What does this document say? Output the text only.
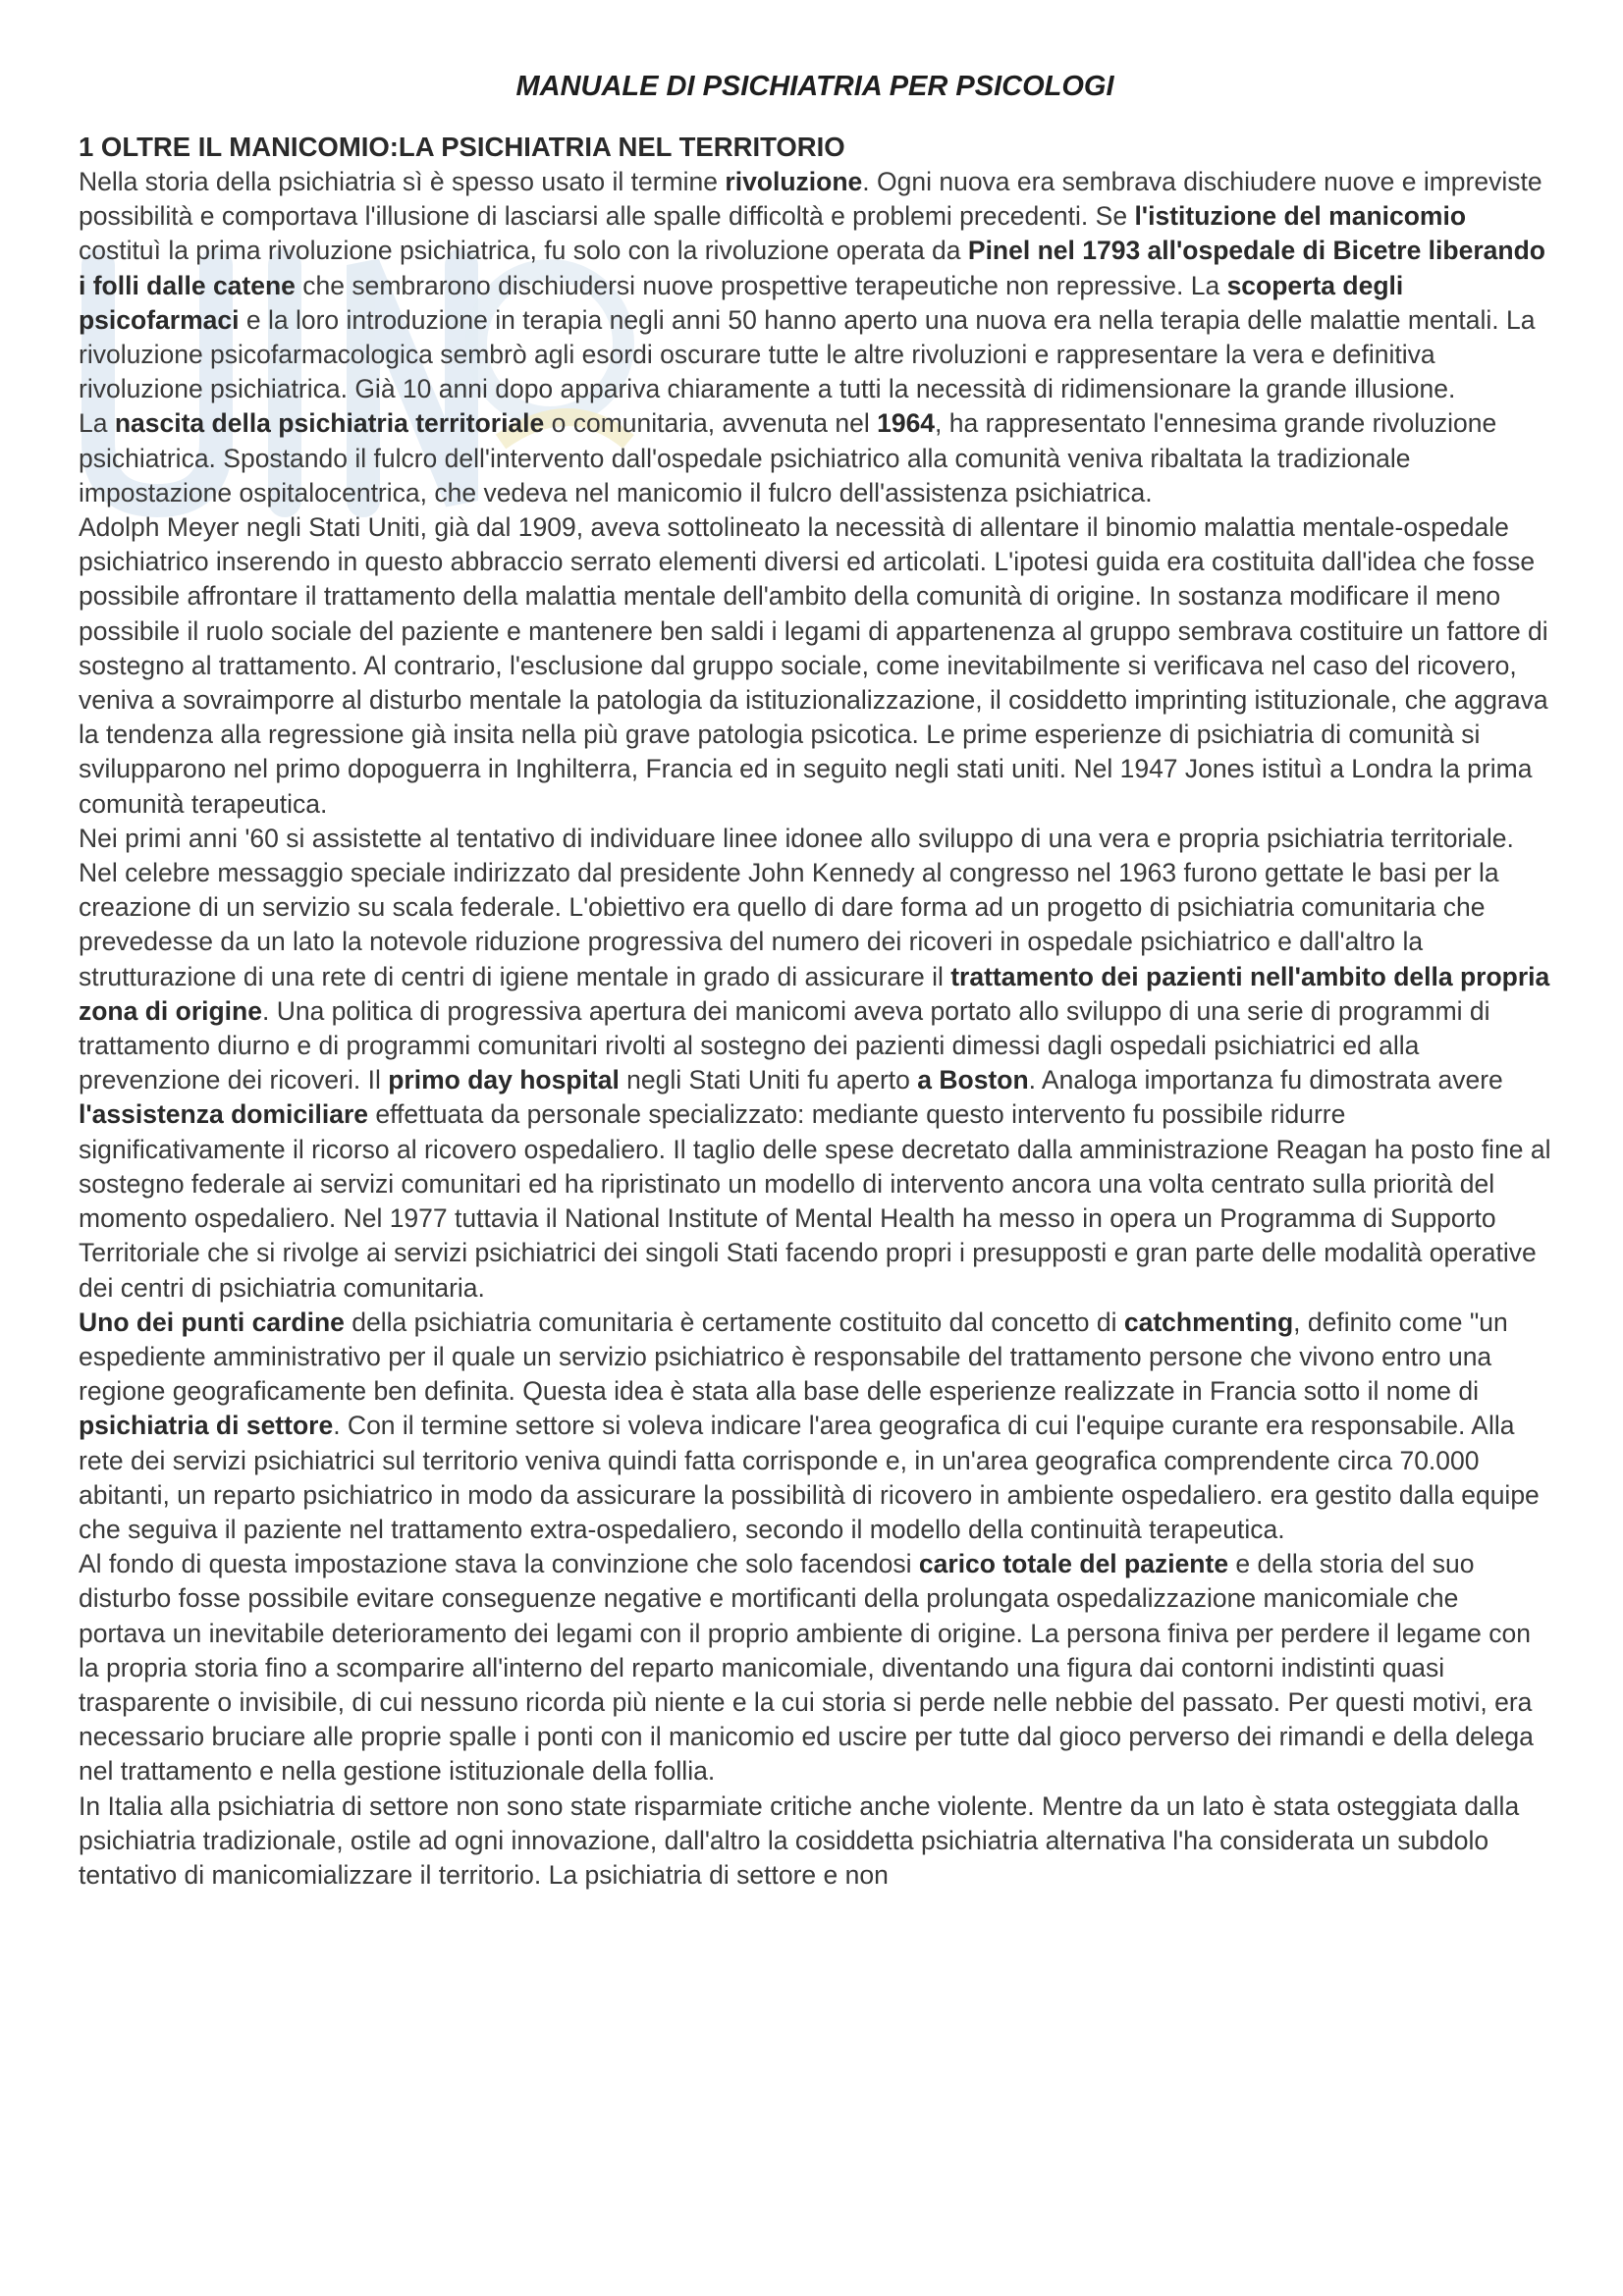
MANUALE DI PSICHIATRIA PER PSICOLOGI
1 OLTRE IL MANICOMIO:LA PSICHIATRIA NEL TERRITORIO

Nella storia della psichiatria sì è spesso usato il termine rivoluzione. Ogni nuova era sembrava dischiudere nuove e impreviste possibilità e comportava l'illusione di lasciarsi alle spalle difficoltà e problemi precedenti. Se l'istituzione del manicomio costituì la prima rivoluzione psichiatrica, fu solo con la rivoluzione operata da Pinel nel 1793 all'ospedale di Bicetre liberando i folli dalle catene che sembrarono dischiudersi nuove prospettive terapeutiche non repressive. La scoperta degli psicofarmaci e la loro introduzione in terapia negli anni 50 hanno aperto una nuova era nella terapia delle malattie mentali. La rivoluzione psicofarmacologica sembrò agli esordi oscurare tutte le altre rivoluzioni e rappresentare la vera e definitiva rivoluzione psichiatrica. Già 10 anni dopo appariva chiaramente a tutti la necessità di ridimensionare la grande illusione.

La nascita della psichiatria territoriale o comunitaria, avvenuta nel 1964, ha rappresentato l'ennesima grande rivoluzione psichiatrica. Spostando il fulcro dell'intervento dall'ospedale psichiatrico alla comunità veniva ribaltata la tradizionale impostazione ospitalocentrica, che vedeva nel manicomio il fulcro dell'assistenza psichiatrica.

Adolph Meyer negli Stati Uniti, già dal 1909, aveva sottolineato la necessità di allentare il binomio malattia mentale-ospedale psichiatrico inserendo in questo abbraccio serrato elementi diversi ed articolati. L'ipotesi guida era costituita dall'idea che fosse possibile affrontare il trattamento della malattia mentale dell'ambito della comunità di origine. In sostanza modificare il meno possibile il ruolo sociale del paziente e mantenere ben saldi i legami di appartenenza al gruppo sembrava costituire un fattore di sostegno al trattamento. Al contrario, l'esclusione dal gruppo sociale, come inevitabilmente si verificava nel caso del ricovero, veniva a sovraimporre al disturbo mentale la patologia da istituzionalizzazione, il cosiddetto imprinting istituzionale, che aggrava la tendenza alla regressione già insita nella più grave patologia psicotica. Le prime esperienze di psichiatria di comunità si svilupparono nel primo dopoguerra in Inghilterra, Francia ed in seguito negli stati uniti. Nel 1947 Jones istituì a Londra la prima comunità terapeutica.

Nei primi anni '60 si assistette al tentativo di individuare linee idonee allo sviluppo di una vera e propria psichiatria territoriale. Nel celebre messaggio speciale indirizzato dal presidente John Kennedy al congresso nel 1963 furono gettate le basi per la creazione di un servizio su scala federale. L'obiettivo era quello di dare forma ad un progetto di psichiatria comunitaria che prevedesse da un lato la notevole riduzione progressiva del numero dei ricoveri in ospedale psichiatrico e dall'altro la strutturazione di una rete di centri di igiene mentale in grado di assicurare il trattamento dei pazienti nell'ambito della propria zona di origine. Una politica di progressiva apertura dei manicomi aveva portato allo sviluppo di una serie di programmi di trattamento diurno e di programmi comunitari rivolti al sostegno dei pazienti dimessi dagli ospedali psichiatrici ed alla prevenzione dei ricoveri. Il primo day hospital negli Stati Uniti fu aperto a Boston. Analoga importanza fu dimostrata avere l'assistenza domiciliare effettuata da personale specializzato: mediante questo intervento fu possibile ridurre significativamente il ricorso al ricovero ospedaliero. Il taglio delle spese decretato dalla amministrazione Reagan ha posto fine al sostegno federale ai servizi comunitari ed ha ripristinato un modello di intervento ancora una volta centrato sulla priorità del momento ospedaliero. Nel 1977 tuttavia il National Institute of Mental Health ha messo in opera un Programma di Supporto Territoriale che si rivolge ai servizi psichiatrici dei singoli Stati facendo propri i presupposti e gran parte delle modalità operative dei centri di psichiatria comunitaria.

Uno dei punti cardine della psichiatria comunitaria è certamente costituito dal concetto di catchmenting, definito come "un espediente amministrativo per il quale un servizio psichiatrico è responsabile del trattamento persone che vivono entro una regione geograficamente ben definita. Questa idea è stata alla base delle esperienze realizzate in Francia sotto il nome di psichiatria di settore. Con il termine settore si voleva indicare l'area geografica di cui l'equipe curante era responsabile. Alla rete dei servizi psichiatrici sul territorio veniva quindi fatta corrisponde e, in un'area geografica comprendente circa 70.000 abitanti, un reparto psichiatrico in modo da assicurare la possibilità di ricovero in ambiente ospedaliero. era gestito dalla equipe che seguiva il paziente nel trattamento extra-ospedaliero, secondo il modello della continuità terapeutica.

Al fondo di questa impostazione stava la convinzione che solo facendosi carico totale del paziente e della storia del suo disturbo fosse possibile evitare conseguenze negative e mortificanti della prolungata ospedalizzazione manicomiale che portava un inevitabile deterioramento dei legami con il proprio ambiente di origine. La persona finiva per perdere il legame con la propria storia fino a scomparire all'interno del reparto manicomiale, diventando una figura dai contorni indistinti quasi trasparente o invisibile, di cui nessuno ricorda più niente e la cui storia si perde nelle nebbie del passato. Per questi motivi, era necessario bruciare alle proprie spalle i ponti con il manicomio ed uscire per tutte dal gioco perverso dei rimandi e della delega nel trattamento e nella gestione istituzionale della follia.

In Italia alla psichiatria di settore non sono state risparmiate critiche anche violente. Mentre da un lato è stata osteggiata dalla psichiatria tradizionale, ostile ad ogni innovazione, dall'altro la cosiddetta psichiatria alternativa l'ha considerata un subdolo tentativo di manicomializzare il territorio. La psichiatria di settore e non
